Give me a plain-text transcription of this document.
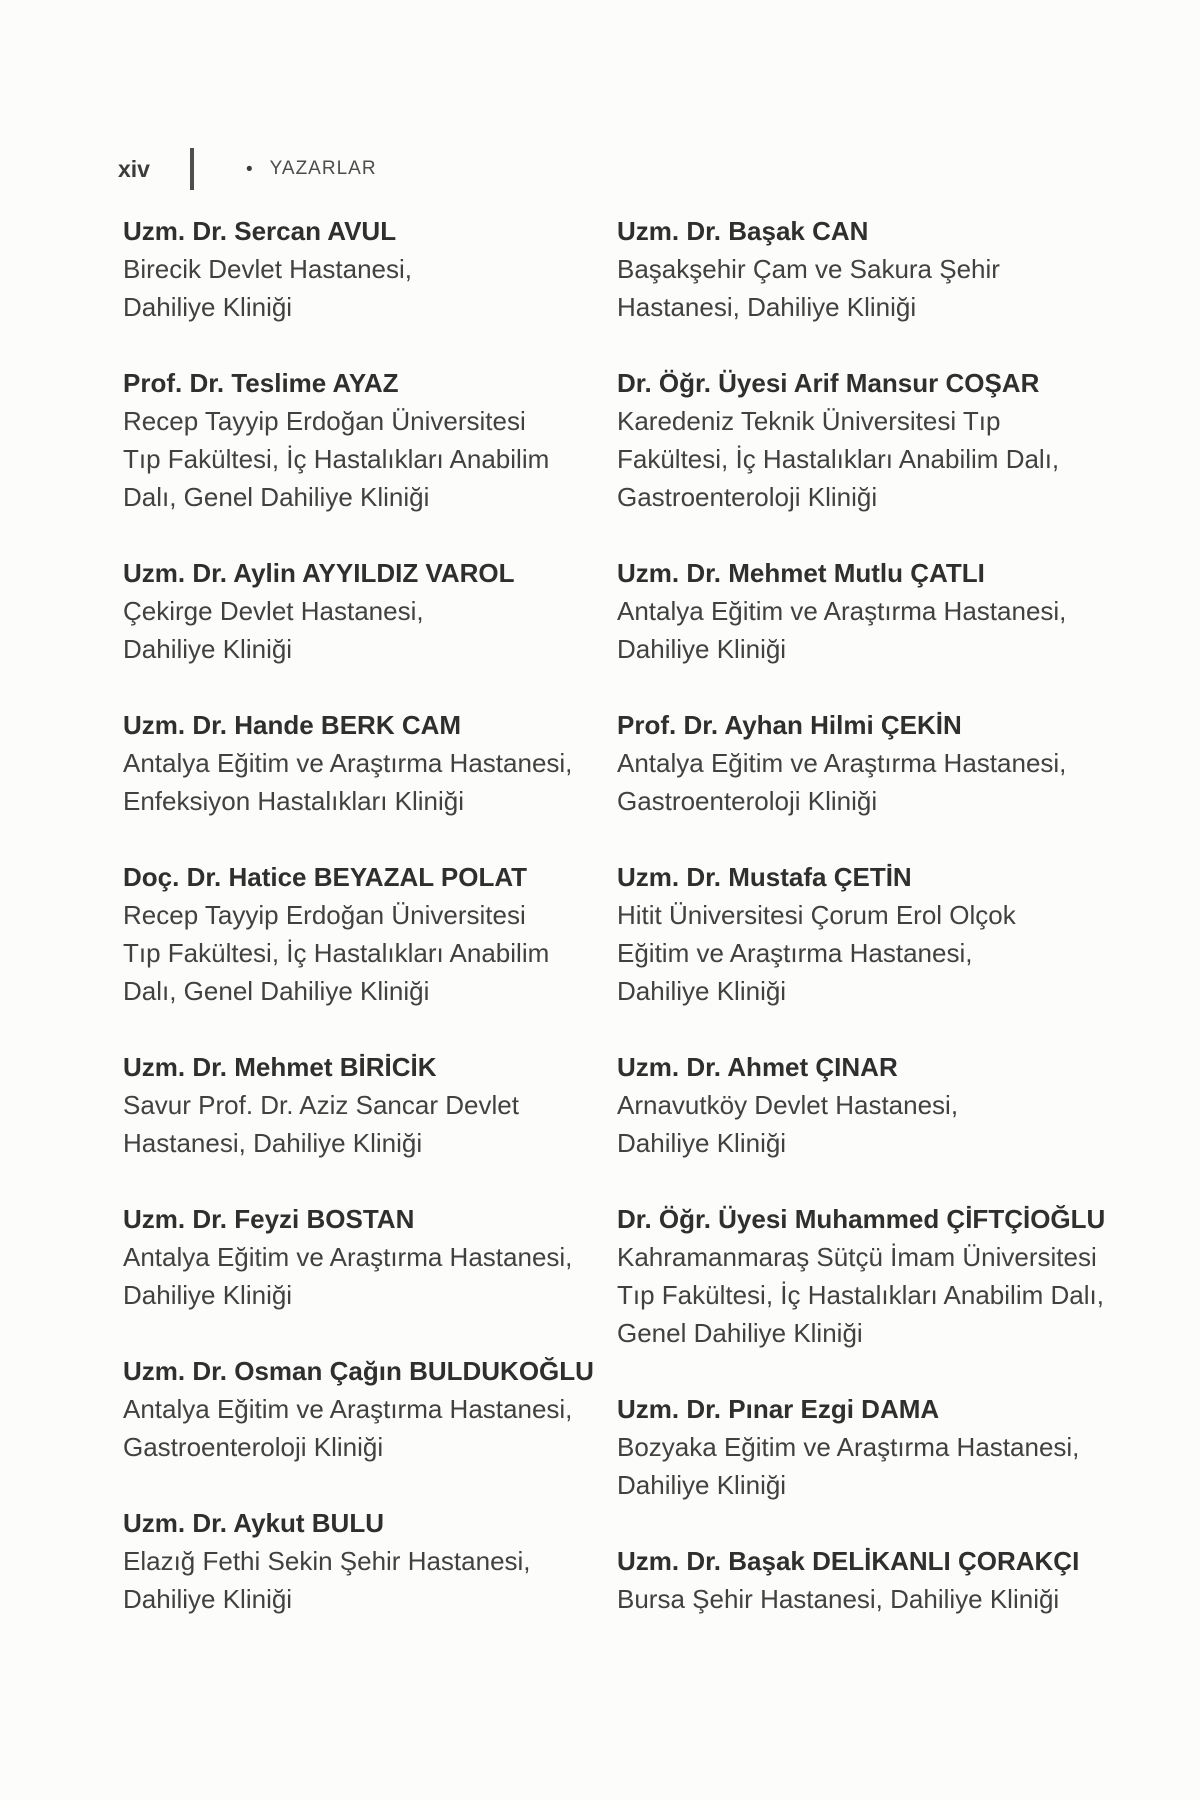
xiv	• YAZARLAR
Uzm. Dr. Sercan AVUL
Birecik Devlet Hastanesi,
Dahiliye Kliniği
Prof. Dr. Teslime AYAZ
Recep Tayyip Erdoğan Üniversitesi
Tıp Fakültesi, İç Hastalıkları Anabilim
Dalı, Genel Dahiliye Kliniği
Uzm. Dr. Aylin AYYILDIZ VAROL
Çekirge Devlet Hastanesi,
Dahiliye Kliniği
Uzm. Dr. Hande BERK CAM
Antalya Eğitim ve Araştırma Hastanesi,
Enfeksiyon Hastalıkları Kliniği
Doç. Dr. Hatice BEYAZAL POLAT
Recep Tayyip Erdoğan Üniversitesi
Tıp Fakültesi, İç Hastalıkları Anabilim
Dalı, Genel Dahiliye Kliniği
Uzm. Dr. Mehmet BİRİCİK
Savur Prof. Dr. Aziz Sancar Devlet
Hastanesi, Dahiliye Kliniği
Uzm. Dr. Feyzi BOSTAN
Antalya Eğitim ve Araştırma Hastanesi,
Dahiliye Kliniği
Uzm. Dr. Osman Çağın BULDUKOĞLU
Antalya Eğitim ve Araştırma Hastanesi,
Gastroenteroloji Kliniği
Uzm. Dr. Aykut BULU
Elazığ Fethi Sekin Şehir Hastanesi,
Dahiliye Kliniği
Uzm. Dr. Başak CAN
Başakşehir Çam ve Sakura Şehir
Hastanesi, Dahiliye Kliniği
Dr. Öğr. Üyesi Arif Mansur COŞAR
Karedeniz Teknik Üniversitesi Tıp
Fakültesi, İç Hastalıkları Anabilim Dalı,
Gastroenteroloji Kliniği
Uzm. Dr. Mehmet Mutlu ÇATLI
Antalya Eğitim ve Araştırma Hastanesi,
Dahiliye Kliniği
Prof. Dr. Ayhan Hilmi ÇEKİN
Antalya Eğitim ve Araştırma Hastanesi,
Gastroenteroloji Kliniği
Uzm. Dr. Mustafa ÇETİN
Hitit Üniversitesi Çorum Erol Olçok
Eğitim ve Araştırma Hastanesi,
Dahiliye Kliniği
Uzm. Dr. Ahmet ÇINAR
Arnavutköy Devlet Hastanesi,
Dahiliye Kliniği
Dr. Öğr. Üyesi Muhammed ÇİFTÇİOĞLU
Kahramanmaraş Sütçü İmam Üniversitesi
Tıp Fakültesi, İç Hastalıkları Anabilim Dalı,
Genel Dahiliye Kliniği
Uzm. Dr. Pınar Ezgi DAMA
Bozyaka Eğitim ve Araştırma Hastanesi,
Dahiliye Kliniği
Uzm. Dr. Başak DELİKANLI ÇORAKÇI
Bursa Şehir Hastanesi, Dahiliye Kliniği
